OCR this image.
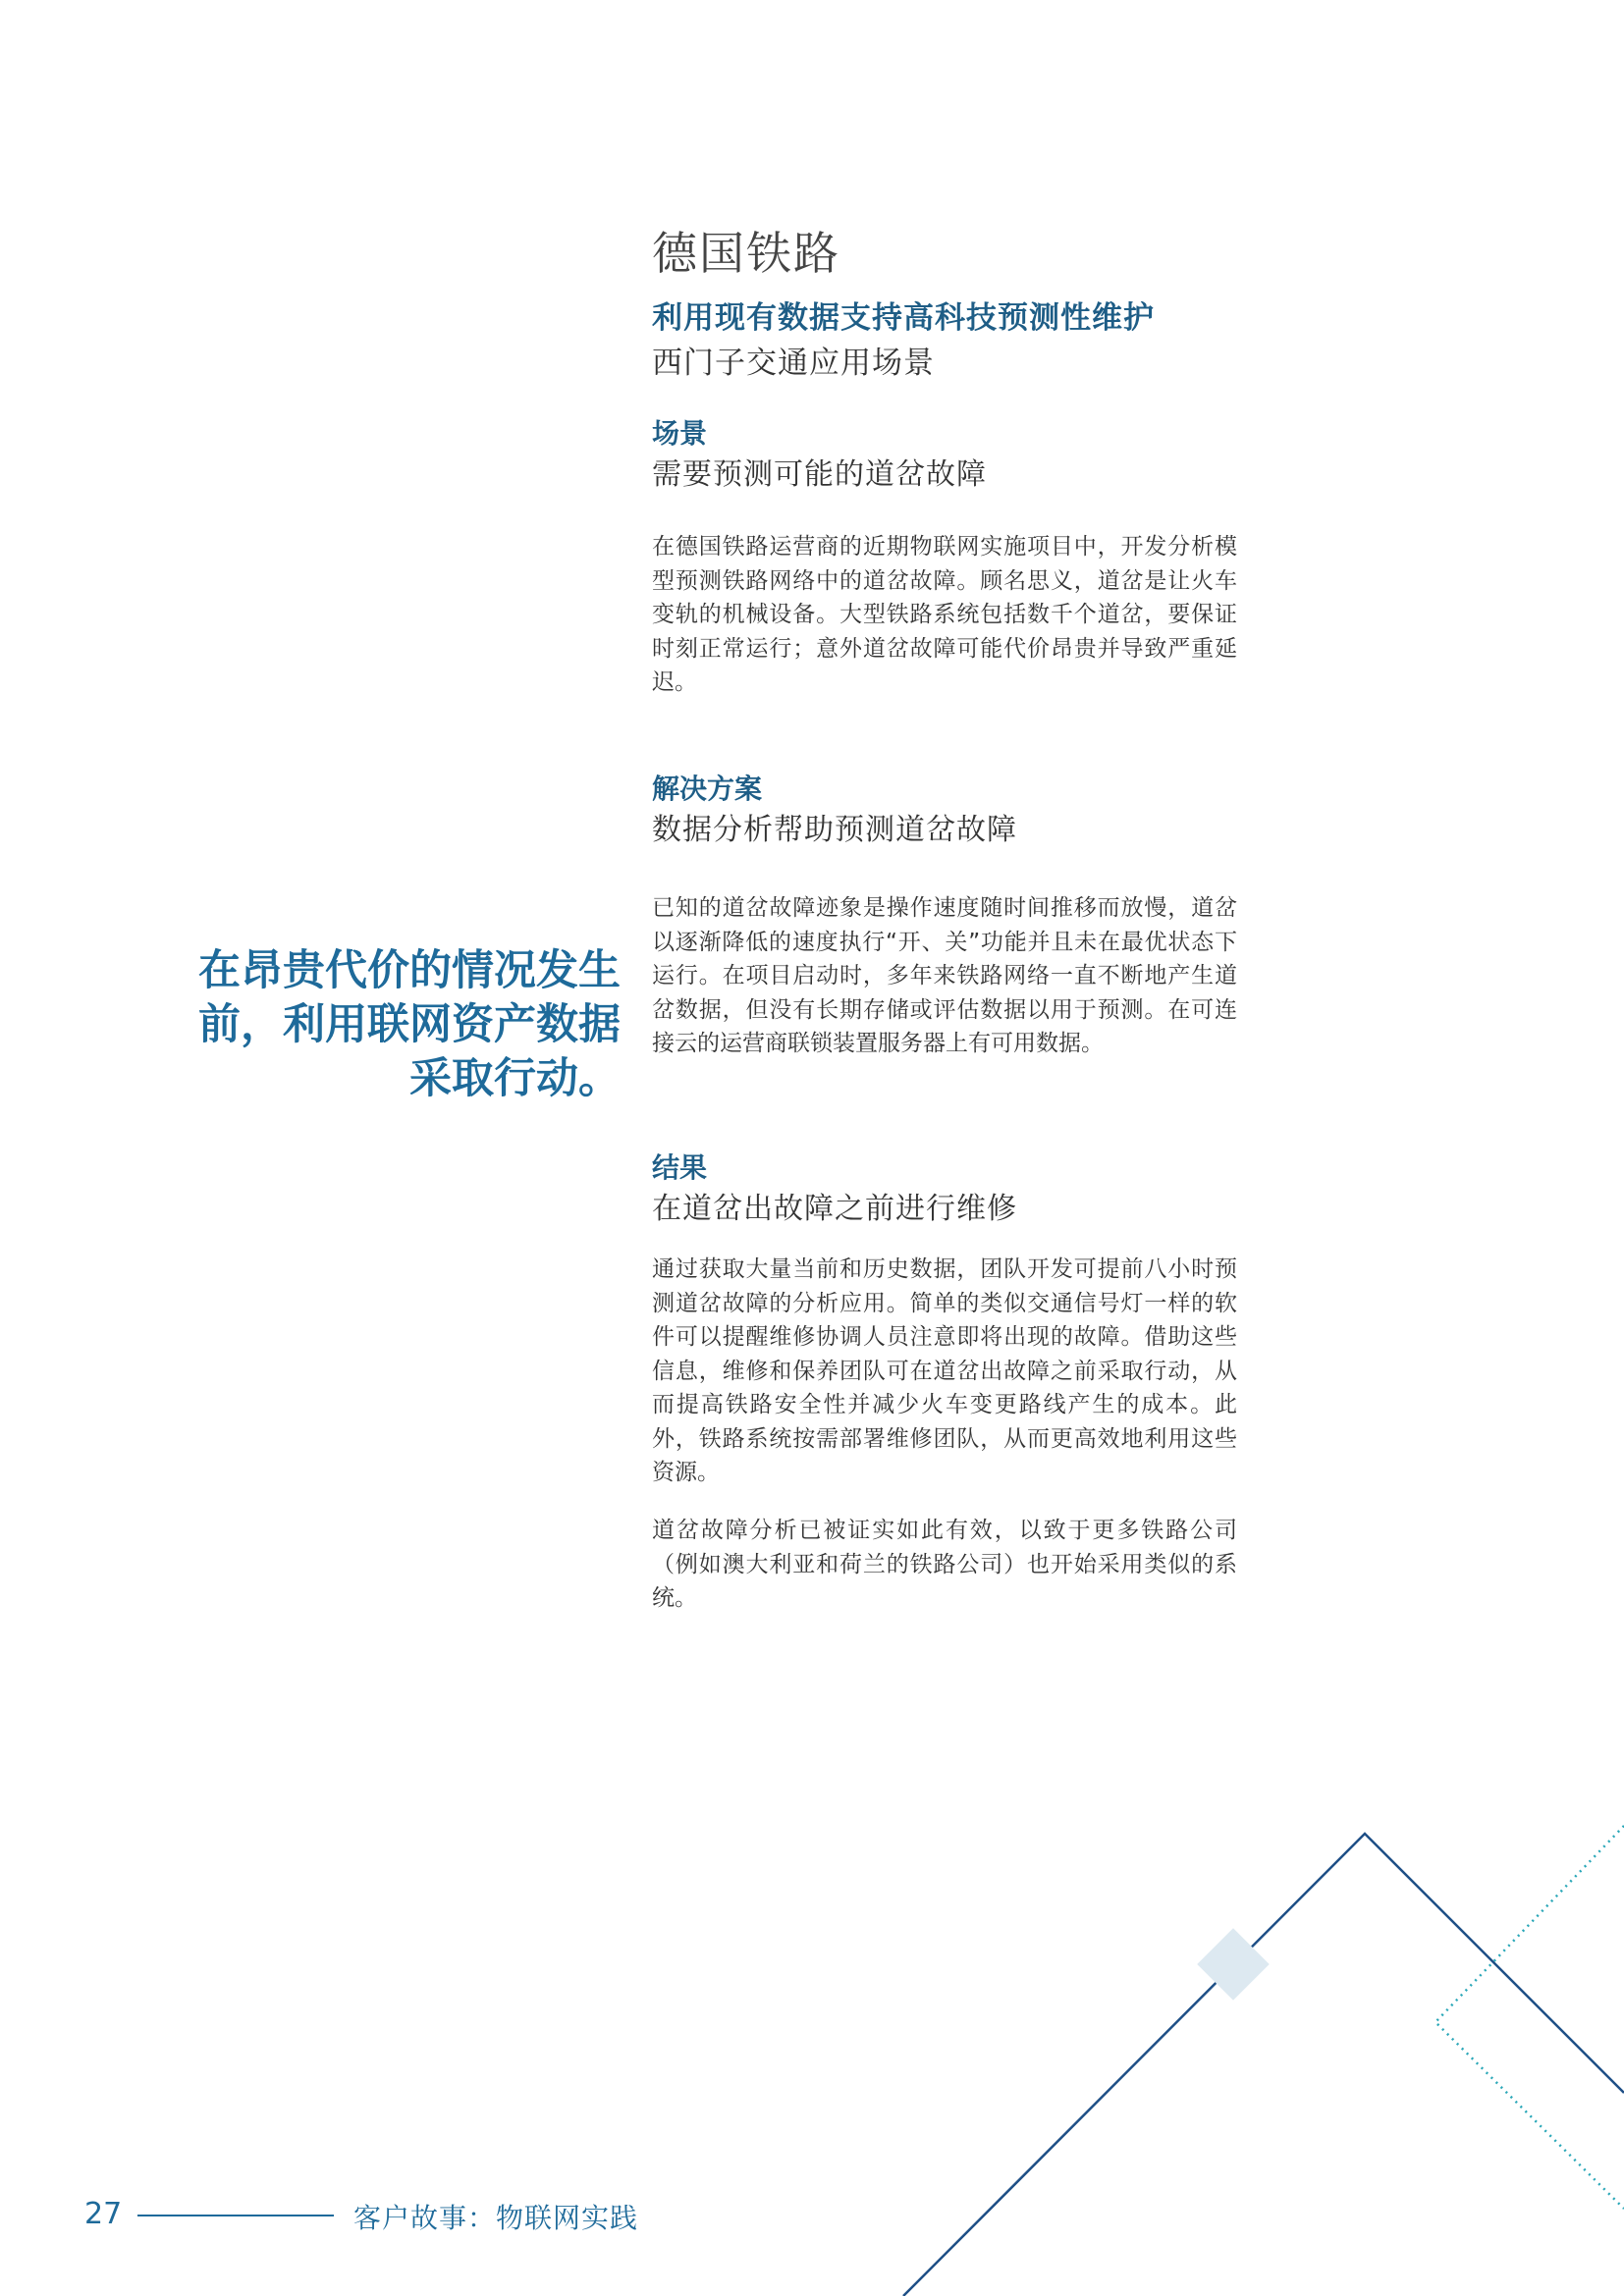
德国铁路
利用现有数据支持高科技预测性维护
西门子交通应用场景
场景
需要预测可能的道岔故障

在德国铁路运营商的近期物联网实施项目中，开发分析模型预测铁路网络中的道岔故障。顾名思义，道岔是让火车变轨的机械设备。大型铁路系统包括数千个道岔，要保证时刻正常运行；意外道岔故障可能代价昂贵并导致严重延迟。

解决方案
数据分析帮助预测道岔故障

已知的道岔故障迹象是操作速度随时间推移而放慢，道岔以逐渐降低的速度执行“开、关”功能并且未在最优状态下运行。在项目启动时，多年来铁路网络一直不断地产生道岔数据，但没有长期存储或评估数据以用于预测。在可连接云的运营商联锁装置服务器上有可用数据。

结果
在道岔出故障之前进行维修

通过获取大量当前和历史数据，团队开发可提前八小时预测道岔故障的分析应用。简单的类似交通信号灯一样的软件可以提醒维修协调人员注意即将出现的故障。借助这些信息，维修和保养团队可在道岔出故障之前采取行动，从而提高铁路安全性并减少火车变更路线产生的成本。此外，铁路系统按需部署维修团队，从而更高效地利用这些资源。

道岔故障分析已被证实如此有效，以致于更多铁路公司（例如澳大利亚和荷兰的铁路公司）也开始采用类似的系统。

在昂贵代价的情况发生前，利用联网资产数据采取行动。

27	客户故事：物联网实践
